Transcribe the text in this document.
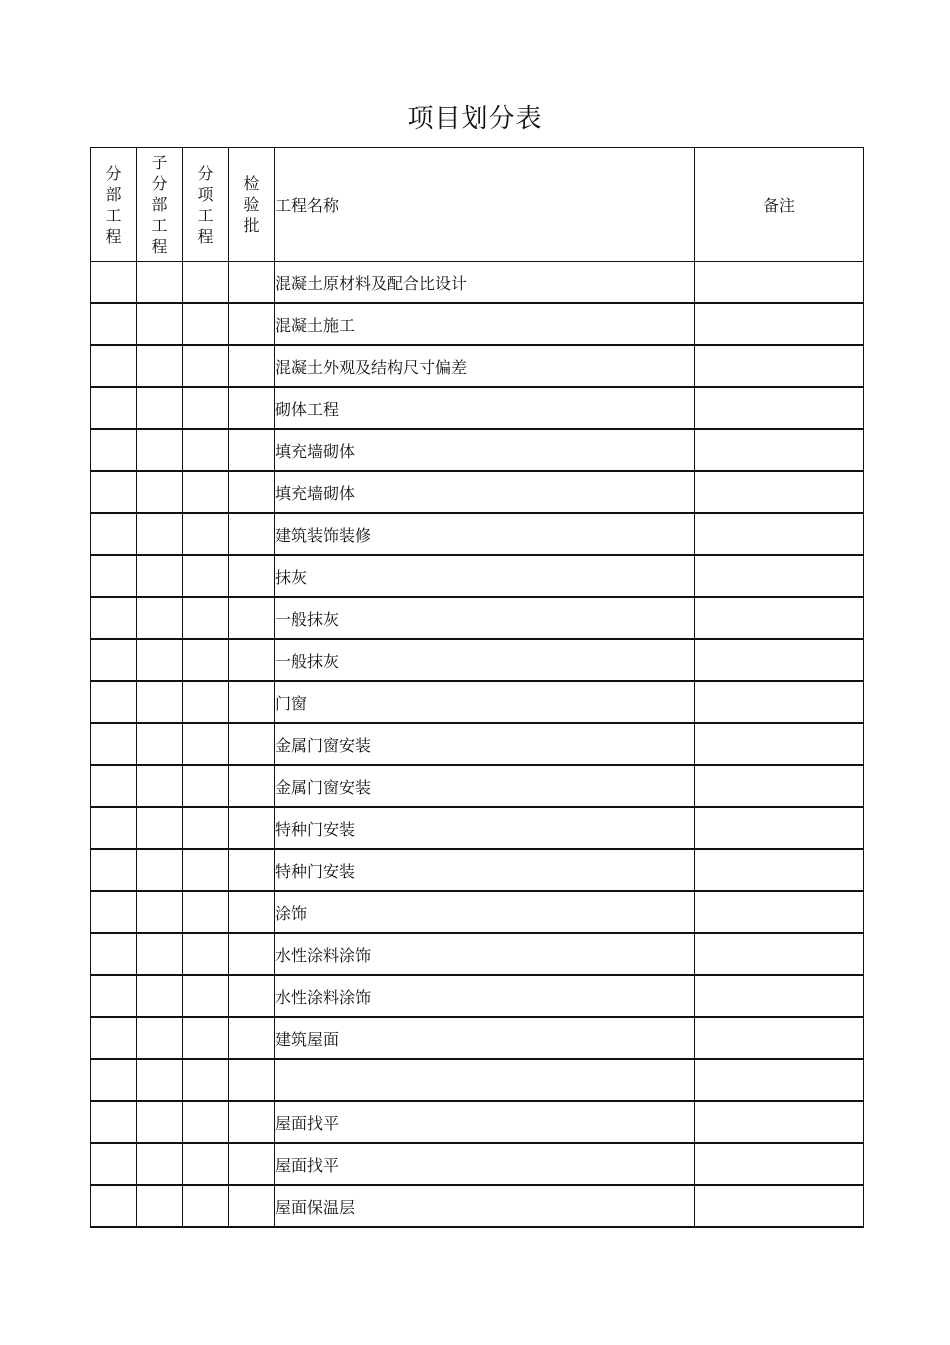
项目划分表
分部工程	子分部工程	分项工程	检验批	工程名称	备注
				混凝土原材料及配合比设计	
				混凝土施工	
				混凝土外观及结构尺寸偏差	
				砌体工程	
				填充墙砌体	
				填充墙砌体	
				建筑装饰装修	
				抹灰	
				一般抹灰	
				一般抹灰	
				门窗	
				金属门窗安装	
				金属门窗安装	
				特种门安装	
				特种门安装	
				涂饰	
				水性涂料涂饰	
				水性涂料涂饰	
				建筑屋面	

				屋面找平	
				屋面找平	
				屋面保温层	
